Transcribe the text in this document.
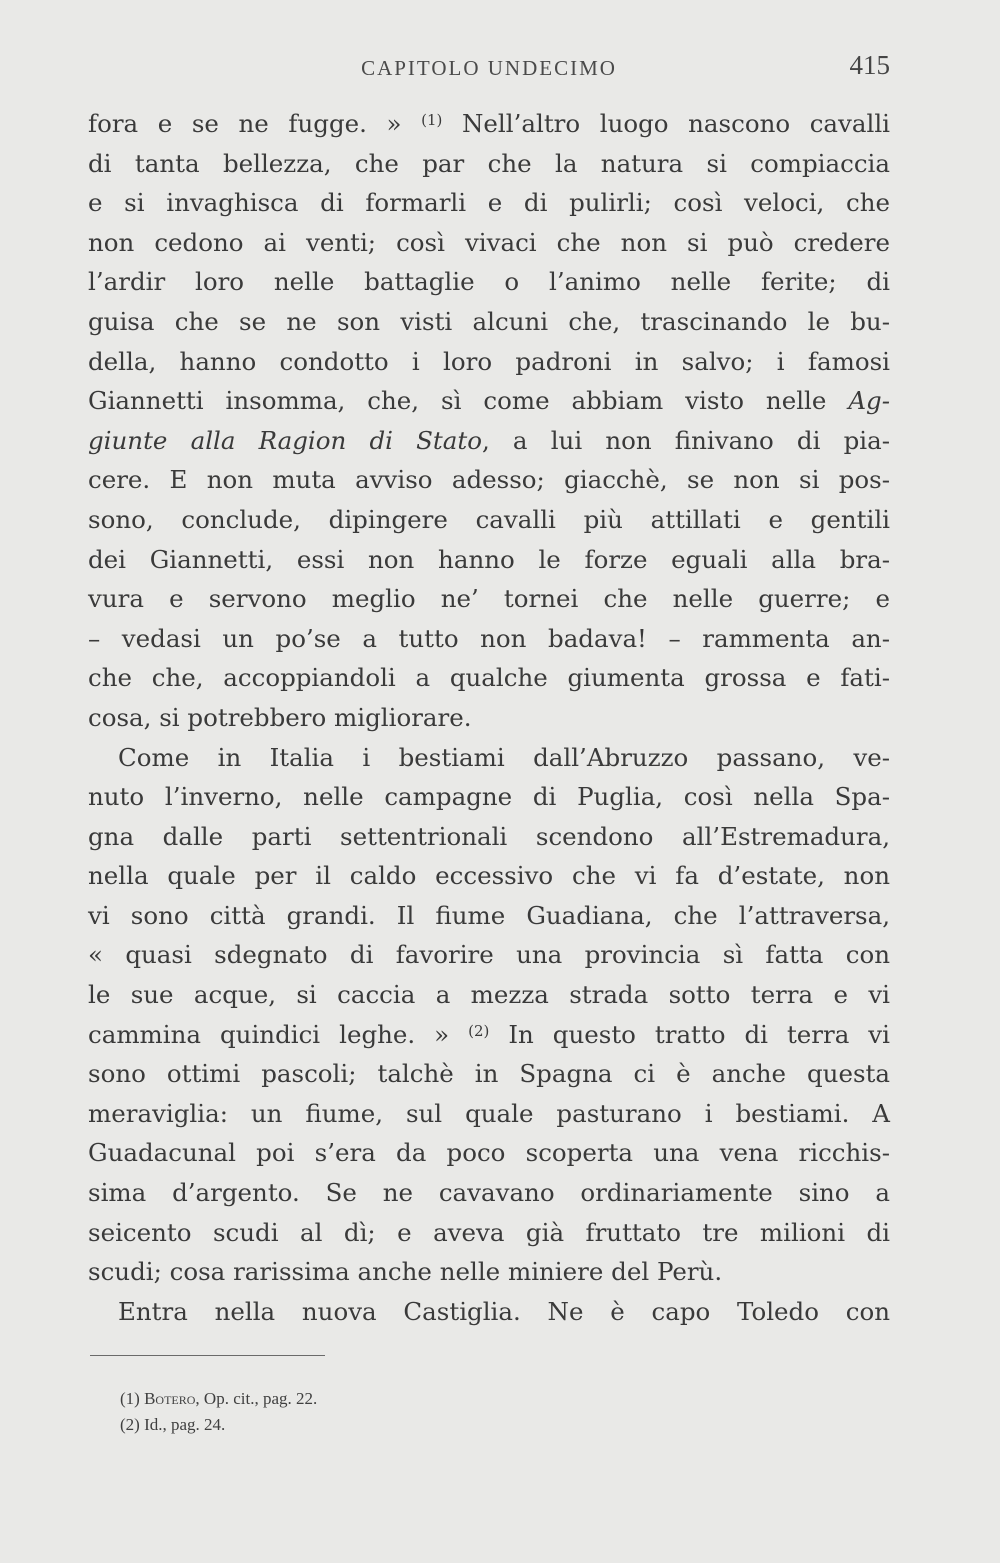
CAPITOLO UNDECIMO	415
fora e se ne fugge. » $^{(1)}$ Nell’altro luogo nascono cavalli
di tanta bellezza, che par che la natura si compiaccia
e si invaghisca di formarli e di pulirli; così veloci, che
non cedono ai venti; così vivaci che non si può credere
l’ardir loro nelle battaglie o l’animo nelle ferite; di
guisa che se ne son visti alcuni che, trascinando le bu-
della, hanno condotto i loro padroni in salvo; i famosi
Giannetti insomma, che, sì come abbiam visto nelle Ag-
giunte alla Ragion di Stato, a lui non finivano di pia-
cere. E non muta avviso adesso; giacchè, se non si pos-
sono, conclude, dipingere cavalli più attillati e gentili
dei Giannetti, essi non hanno le forze eguali alla bra-
vura e servono meglio ne’ tornei che nelle guerre; e
– vedasi un po’se a tutto non badava! – rammenta an-
che che, accoppiandoli a qualche giumenta grossa e fati-
cosa, si potrebbero migliorare.
Come in Italia i bestiami dall’Abruzzo passano, ve-
nuto l’inverno, nelle campagne di Puglia, così nella Spa-
gna dalle parti settentrionali scendono all’Estremadura,
nella quale per il caldo eccessivo che vi fa d’estate, non
vi sono città grandi. Il fiume Guadiana, che l’attraversa,
« quasi sdegnato di favorire una provincia sì fatta con
le sue acque, si caccia a mezza strada sotto terra e vi
cammina quindici leghe. » $^{(2)}$ In questo tratto di terra vi
sono ottimi pascoli; talchè in Spagna ci è anche questa
meraviglia: un fiume, sul quale pasturano i bestiami. A
Guadacunal poi s’era da poco scoperta una vena ricchis-
sima d’argento. Se ne cavavano ordinariamente sino a
seicento scudi al dì; e aveva già fruttato tre milioni di
scudi; cosa rarissima anche nelle miniere del Perù.
Entra nella nuova Castiglia. Ne è capo Toledo con
(1) Botero, Op. cit., pag. 22.
(2) Id., pag. 24.
